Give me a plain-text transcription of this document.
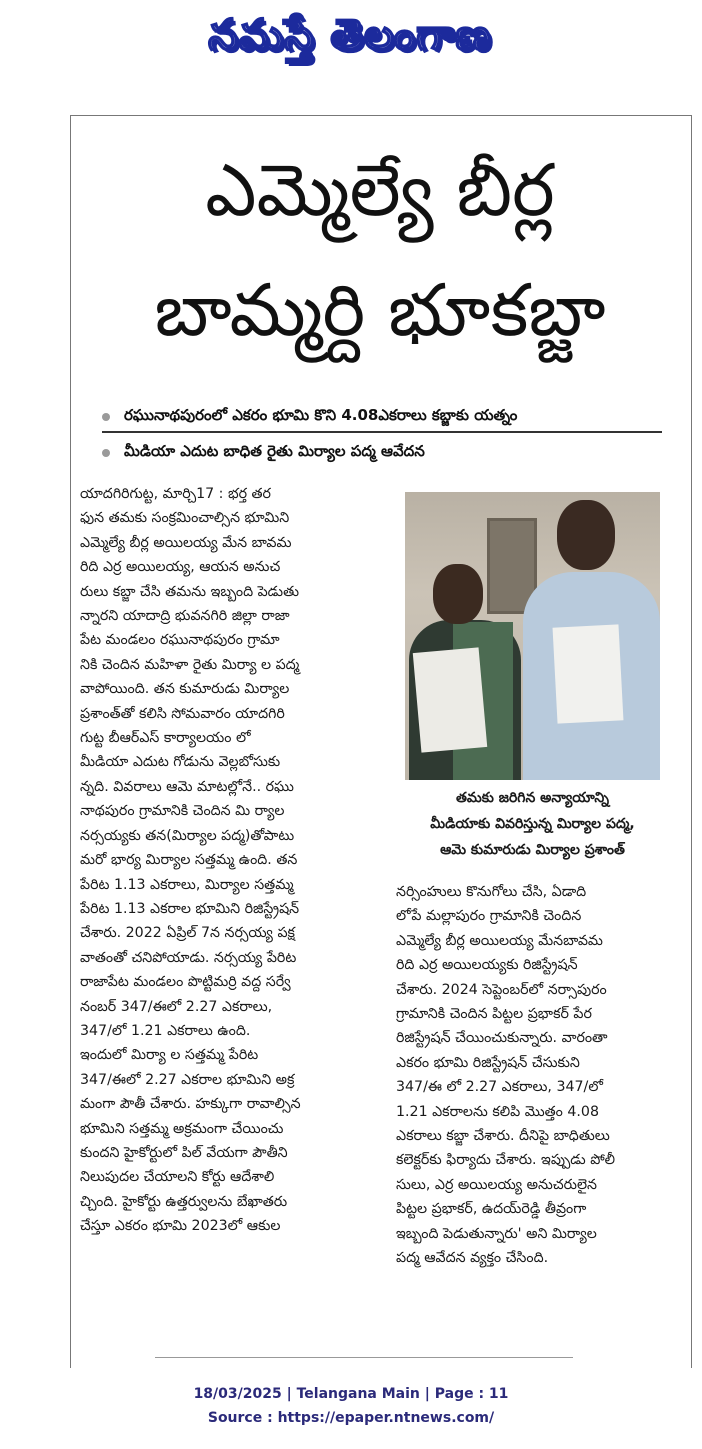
నమస్తే తెలంగాణ
ఎమ్మెల్యే బీర్ల
బామ్మర్ది భూకబ్జా
రఘునాథపురంలో ఎకరం భూమి కొని 4.08ఎకరాలు కబ్జాకు యత్నం
మీడియా ఎదుట బాధిత రైతు మిర్యాల పద్మ ఆవేదన
యాదగిరిగుట్ట, మార్చి17 : భర్త తర
ఫున తమకు సంక్రమించాల్సిన భూమిని
ఎమ్మెల్యే బీర్ల అయిలయ్య మేన బావమ
రిది ఎర్ర అయిలయ్య, ఆయన అనుచ
రులు కబ్జా చేసి తమను ఇబ్బంది పెడుతు
న్నారని యాదాద్రి భువనగిరి జిల్లా రాజా
పేట మండలం రఘునాథపురం గ్రామా
నికి చెందిన మహిళా రైతు మిర్యా ల పద్మ
వాపోయింది. తన కుమారుడు మిర్యాల
ప్రశాంత్‌తో కలిసి సోమవారం యాదగిరి
గుట్ట బీఆర్‌ఎస్ కార్యాలయం లో
మీడియా ఎదుట గోడును వెల్లబోసుకు
న్నది. వివరాలు ఆమె మాటల్లోనే.. రఘు
నాథపురం గ్రామానికి చెందిన మి ర్యాల
నర్సయ్యకు తన(మిర్యాల పద్మ)తోపాటు
మరో భార్య మిర్యాల సత్తమ్మ ఉంది. తన
పేరిట 1.13 ఎకరాలు, మిర్యాల సత్తమ్మ
పేరిట 1.13 ఎకరాల భూమిని రిజిస్ట్రేషన్
చేశారు. 2022 ఏప్రిల్ 7న నర్సయ్య పక్ష
వాతంతో చనిపోయాడు. నర్సయ్య పేరిట
రాజాపేట మండలం పొట్టిమర్రి వద్ద సర్వే
నంబర్ 347/ఈలో 2.27 ఎకరాలు,
347/లో 1.21 ఎకరాలు ఉంది.
ఇందులో మిర్యా ల సత్తమ్మ పేరిట
347/ఈలో 2.27 ఎకరాల భూమిని అక్ర
మంగా పౌతీ చేశారు. హక్కుగా రావాల్సిన
భూమిని సత్తమ్మ అక్రమంగా చేయించు
కుందని హైకోర్టులో పిల్ వేయగా పౌతీని
నిలుపుదల చేయాలని కోర్టు ఆదేశాలి
చ్చింది. హైకోర్టు ఉత్తర్వులను బేఖాతరు
చేస్తూ ఎకరం భూమి 2023లో ఆకుల
తమకు జరిగిన అన్యాయాన్ని
మీడియాకు వివరిస్తున్న మిర్యాల పద్మ,
ఆమె కుమారుడు మిర్యాల ప్రశాంత్
నర్సింహులు కొనుగోలు చేసి, ఏడాది
లోపే మల్లాపురం గ్రామానికి చెందిన
ఎమ్మెల్యే బీర్ల అయిలయ్య మేనబావమ
రిది ఎర్ర అయిలయ్యకు రిజిస్ట్రేషన్
చేశారు. 2024 సెప్టెంబర్‌లో నర్సాపురం
గ్రామానికి చెందిన పిట్టల ప్రభాకర్ పేర
రిజిస్ట్రేషన్ చేయించుకున్నారు. వారంతా
ఎకరం భూమి రిజిస్ట్రేషన్ చేసుకుని
347/ఈ లో 2.27 ఎకరాలు, 347/లో
1.21 ఎకరాలను కలిపి మొత్తం 4.08
ఎకరాలు కబ్జా చేశారు. దీనిపై బాధితులు
కలెక్టర్‌కు ఫిర్యాదు చేశారు. ఇప్పుడు పోలీ
సులు, ఎర్ర అయిలయ్య అనుచరులైన
పిట్టల ప్రభాకర్, ఉదయ్‌రెడ్డి తీవ్రంగా
ఇబ్బంది పెడుతున్నారు' అని మిర్యాల
పద్మ ఆవేదన వ్యక్తం చేసింది.
18/03/2025 | Telangana Main | Page : 11
Source : https://epaper.ntnews.com/
